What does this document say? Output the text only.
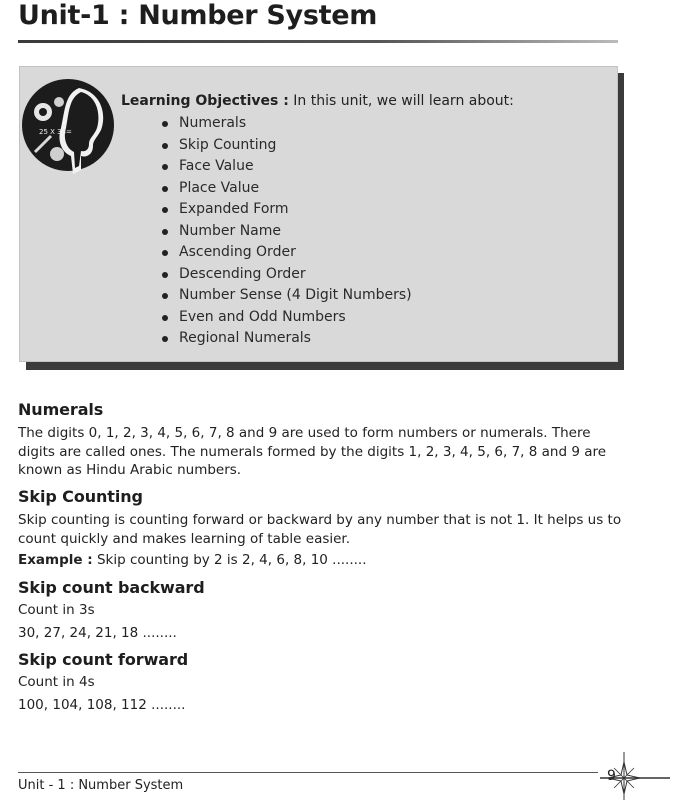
Unit-1 : Number System
25 X 33=
Learning Objectives : In this unit, we will learn about:
Numerals
Skip Counting
Face Value
Place Value
Expanded Form
Number Name
Ascending Order
Descending Order
Number Sense (4 Digit Numbers)
Even and Odd Numbers
Regional Numerals
Numerals

The digits 0, 1, 2, 3, 4, 5, 6, 7, 8 and 9 are used to form numbers or numerals. There digits are called ones. The numerals formed by the digits 1, 2, 3, 4, 5, 6, 7, 8 and 9 are known as Hindu Arabic numbers.

Skip Counting

Skip counting is counting forward or backward by any number that is not 1. It helps us to count quickly and makes learning of table easier.

Example : Skip counting by 2 is 2, 4, 6, 8, 10 ........

Skip count backward

Count in 3s

30, 27, 24, 21, 18 ........

Skip count forward

Count in 4s

100, 104, 108, 112 ........

Unit - 1 : Number System
9
